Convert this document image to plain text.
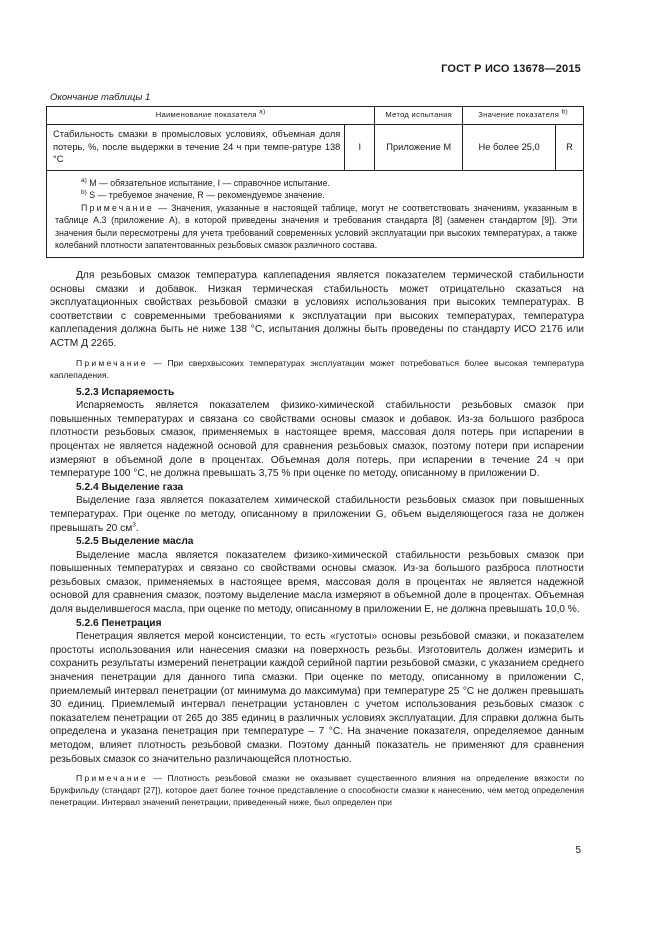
ГОСТ Р ИСО 13678—2015
Окончание таблицы 1
Наименование показателя $^{а)}$		Метод испытания	Значение показателя $^{b)}$
Стабильность смазки в промысловых условиях, объемная доля потерь, %, после выдержки в течение 24 ч при темпе-ратуре 138 °С	I	Приложение М	Не более 25,0	R

$^{а)}$ М — обязательное испытание, I — справочное испытание.
$^{b)}$ S — требуемое значение, R — рекомендуемое значение.
Примечание — Значения, указанные в настоящей таблице, могут не соответствовать значениям, указанным в таблице А.3 (приложение А), в которой приведены значения и требования стандарта [8] (заменен стандартом [9]). Эти значения были пересмотрены для учета требований современных условий эксплуатации при высоких температурах, а также колебаний плотности запатентованных резьбовых смазок различного состава.				

Для резьбовых смазок температура каплепадения является показателем термической стабильности основы смазки и добавок. Низкая термическая стабильность может отрицательно сказаться на эксплуатационных свойствах резьбовой смазки в условиях использования при высоких температурах. В соответствии с современными требованиями к эксплуатации при высоких температурах, температура каплепадения должна быть не ниже 138 °С, испытания должны быть проведены по стандарту ИСО 2176 или АСТМ Д 2265.

Примечание — При сверхвысоких температурах эксплуатации может потребоваться более высокая температура каплепадения.

5.2.3 Испаряемость

Испаряемость является показателем физико-химической стабильности резьбовых смазок при повышенных температурах и связана со свойствами основы смазок и добавок. Из-за большого разброса плотности резьбовых смазок, применяемых в настоящее время, массовая доля потерь при испарении в процентах не является надежной основой для сравнения резьбовых смазок, поэтому потери при испарении измеряют в объемной доле в процентах. Объемная доля потерь, при испарении в течение 24 ч при температуре 100 °С, не должна превышать 3,75 % при оценке по методу, описанному в приложении D.

5.2.4 Выделение газа

Выделение газа является показателем химической стабильности резьбовых смазок при повышенных температурах. При оценке по методу, описанному в приложении G, объем выделяющегося газа не должен превышать 20 $см^3$.

5.2.5 Выделение масла

Выделение масла является показателем физико-химической стабильности резьбовых смазок при повышенных температурах и связано со свойствами основы смазок. Из-за большого разброса плотности резьбовых смазок, применяемых в настоящее время, массовая доля в процентах не является надежной основой для сравнения смазок, поэтому выделение масла измеряют в объемной доле в процентах. Объемная доля выделившегося масла, при оценке по методу, описанному в приложении Е, не должна превышать 10,0 %.

5.2.6 Пенетрация

Пенетрация является мерой консистенции, то есть «густоты» основы резьбовой смазки, и показателем простоты использования или нанесения смазки на поверхность резьбы. Изготовитель должен измерить и сохранить результаты измерений пенетрации каждой серийной партии резьбовой смазки, с указанием среднего значения пенетрации для данного типа смазки. При оценке по методу, описанному в приложении С, приемлемый интервал пенетрации (от минимума до максимума) при температуре 25 °С не должен превышать 30 единиц. Приемлемый интервал пенетрации установлен с учетом использования резьбовых смазок с показателем пенетрации от 265 до 385 единиц в различных условиях эксплуатации. Для справки должна быть определена и указана пенетрация при температуре – 7 °С. На значение показателя, определяемое данным методом, влияет плотность резьбовой смазки. Поэтому данный показатель не применяют для сравнения резьбовых смазок со значительно различающейся плотностью.

Примечание — Плотность резьбовой смазки не оказывает существенного влияния на определение вязкости по Брукфильду (стандарт [27]), которое дает более точное представление о способности смазки к нанесению, чем метод определения пенетрации. Интервал значений пенетрации, приведенный ниже, был определен при

5
